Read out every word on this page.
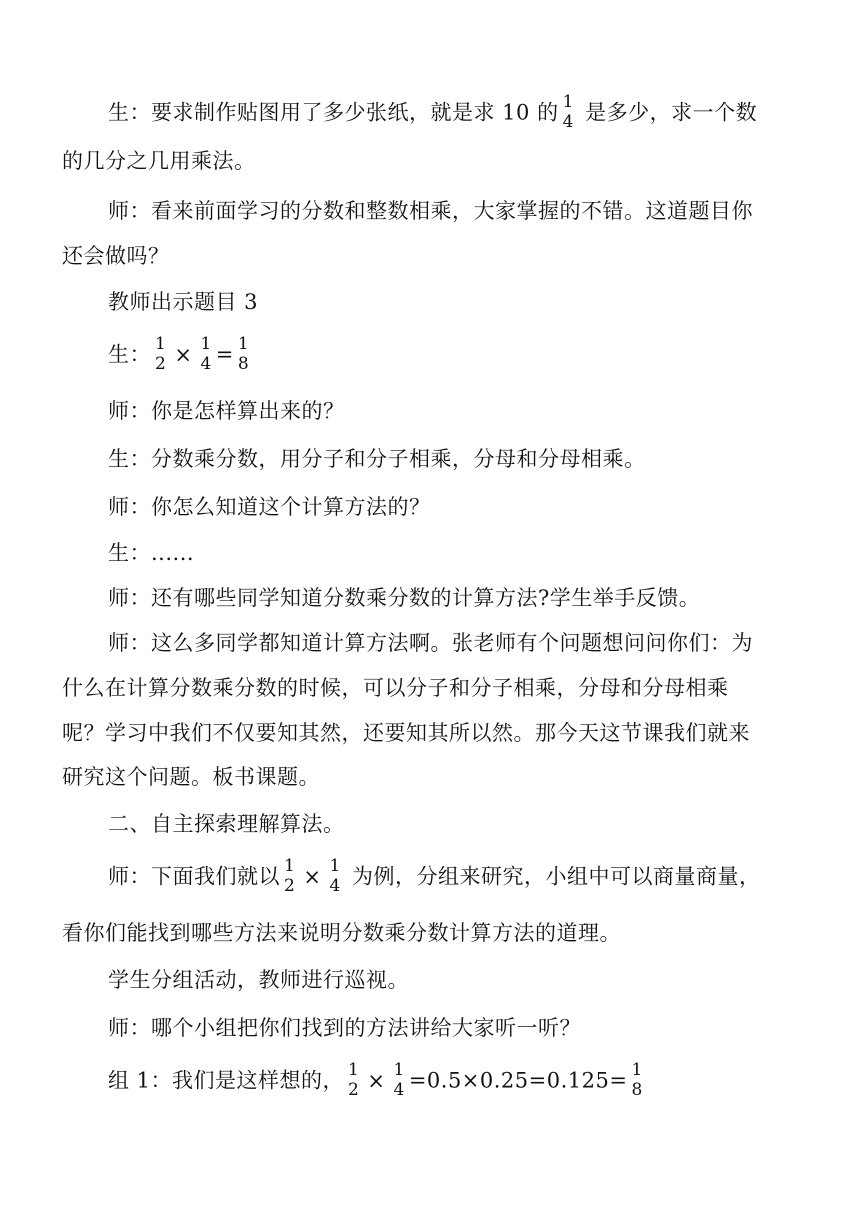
生：要求制作贴图用了多少张纸，就是求 10 的 1
4 是多少，求一个数
的几分之几用乘法。
师：看来前面学习的分数和整数相乘，大家掌握的不错。这道题目你
还会做吗？
教师出示题目 3
生： 1
2 × 1
4 = 1
8
师：你是怎样算出来的？
生：分数乘分数，用分子和分子相乘，分母和分母相乘。
师：你怎么知道这个计算方法的？
生：......
师：还有哪些同学知道分数乘分数的计算方法?学生举手反馈。
师：这么多同学都知道计算方法啊。张老师有个问题想问问你们：为
什么在计算分数乘分数的时候，可以分子和分子相乘，分母和分母相乘
呢？学习中我们不仅要知其然，还要知其所以然。那今天这节课我们就来
研究这个问题。板书课题。
二、自主探索理解算法。
师：下面我们就以 1
2 × 1
4 为例，分组来研究，小组中可以商量商量，
看你们能找到哪些方法来说明分数乘分数计算方法的道理。
学生分组活动，教师进行巡视。
师：哪个小组把你们找到的方法讲给大家听一听？
组 1：我们是这样想的， 1
2 × 1
4 =0.5×0.25=0.125= 1
8
